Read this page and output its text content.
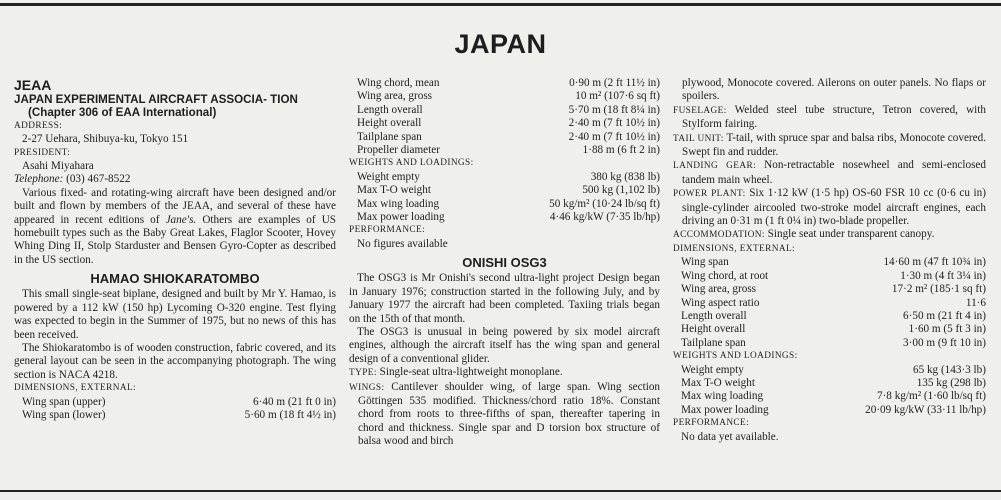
JAPAN
JEAA
JAPAN EXPERIMENTAL AIRCRAFT ASSOCIA- TION (Chapter 306 of EAA International)
ADDRESS:
2-27 Uehara, Shibuya-ku, Tokyo 151
PRESIDENT:
Asahi Miyahara
Telephone: (03) 467-8522
Various fixed- and rotating-wing aircraft have been designed and/or built and flown by members of the JEAA, and several of these have appeared in recent editions of Jane's. Others are examples of US homebuilt types such as the Baby Great Lakes, Flaglor Scooter, Hovey Whing Ding II, Stolp Starduster and Bensen Gyro-Copter as described in the US section.
HAMAO SHIOKARATOMBO
This small single-seat biplane, designed and built by Mr Y. Hamao, is powered by a 112 kW (150 hp) Lycoming O-320 engine. Test flying was expected to begin in the Summer of 1975, but no news of this has been received.
The Shiokaratombo is of wooden construction, fabric covered, and its general layout can be seen in the accompanying photograph. The wing section is NACA 4218.
DIMENSIONS, EXTERNAL:
Wing span (upper)	6·40 m (21 ft 0 in)
Wing span (lower)	5·60 m (18 ft 4½ in)
Wing chord, mean	0·90 m (2 ft 11½ in)
Wing area, gross	10 m² (107·6 sq ft)
Length overall	5·70 m (18 ft 8¼ in)
Height overall	2·40 m (7 ft 10½ in)
Tailplane span	2·40 m (7 ft 10½ in)
Propeller diameter	1·88 m (6 ft 2 in)
WEIGHTS AND LOADINGS:
Weight empty	380 kg (838 lb)
Max T-O weight	500 kg (1,102 lb)
Max wing loading	50 kg/m² (10·24 lb/sq ft)
Max power loading	4·46 kg/kW (7·35 lb/hp)
PERFORMANCE:
No figures available
ONISHI OSG3
The OSG3 is Mr Onishi's second ultra-light project Design began in January 1976; construction started in the following July, and by January 1977 the aircraft had been completed. Taxiing trials began on the 15th of that month.
The OSG3 is unusual in being powered by six model aircraft engines, although the aircraft itself has the wing span and general design of a conventional glider.
TYPE: Single-seat ultra-lightweight monoplane.
WINGS: Cantilever shoulder wing, of large span. Wing section Göttingen 535 modified. Thickness/chord ratio 18%. Constant chord from roots to three-fifths of span, thereafter tapering in chord and thickness. Single spar and D torsion box structure of balsa wood and birch
plywood, Monocote covered. Ailerons on outer panels. No flaps or spoilers.
FUSELAGE: Welded steel tube structure, Tetron covered, with Stylform fairing.
TAIL UNIT: T-tail, with spruce spar and balsa ribs, Monocote covered. Swept fin and rudder.
LANDING GEAR: Non-retractable nosewheel and semi-enclosed tandem main wheel.
POWER PLANT: Six 1·12 kW (1·5 hp) OS-60 FSR 10 cc (0·6 cu in) single-cylinder aircooled two-stroke model aircraft engines, each driving an 0·31 m (1 ft 0¼ in) two-blade propeller.
ACCOMMODATION: Single seat under transparent canopy.
DIMENSIONS, EXTERNAL:
Wing span	14·60 m (47 ft 10¾ in)
Wing chord, at root	1·30 m (4 ft 3¼ in)
Wing area, gross	17·2 m² (185·1 sq ft)
Wing aspect ratio	11·6
Length overall	6·50 m (21 ft 4 in)
Height overall	1·60 m (5 ft 3 in)
Tailplane span	3·00 m (9 ft 10 in)
WEIGHTS AND LOADINGS:
Weight empty	65 kg (143·3 lb)
Max T-O weight	135 kg (298 lb)
Max wing loading	7·8 kg/m² (1·60 lb/sq ft)
Max power loading	20·09 kg/kW (33·11 lb/hp)
PERFORMANCE:
No data yet available.
